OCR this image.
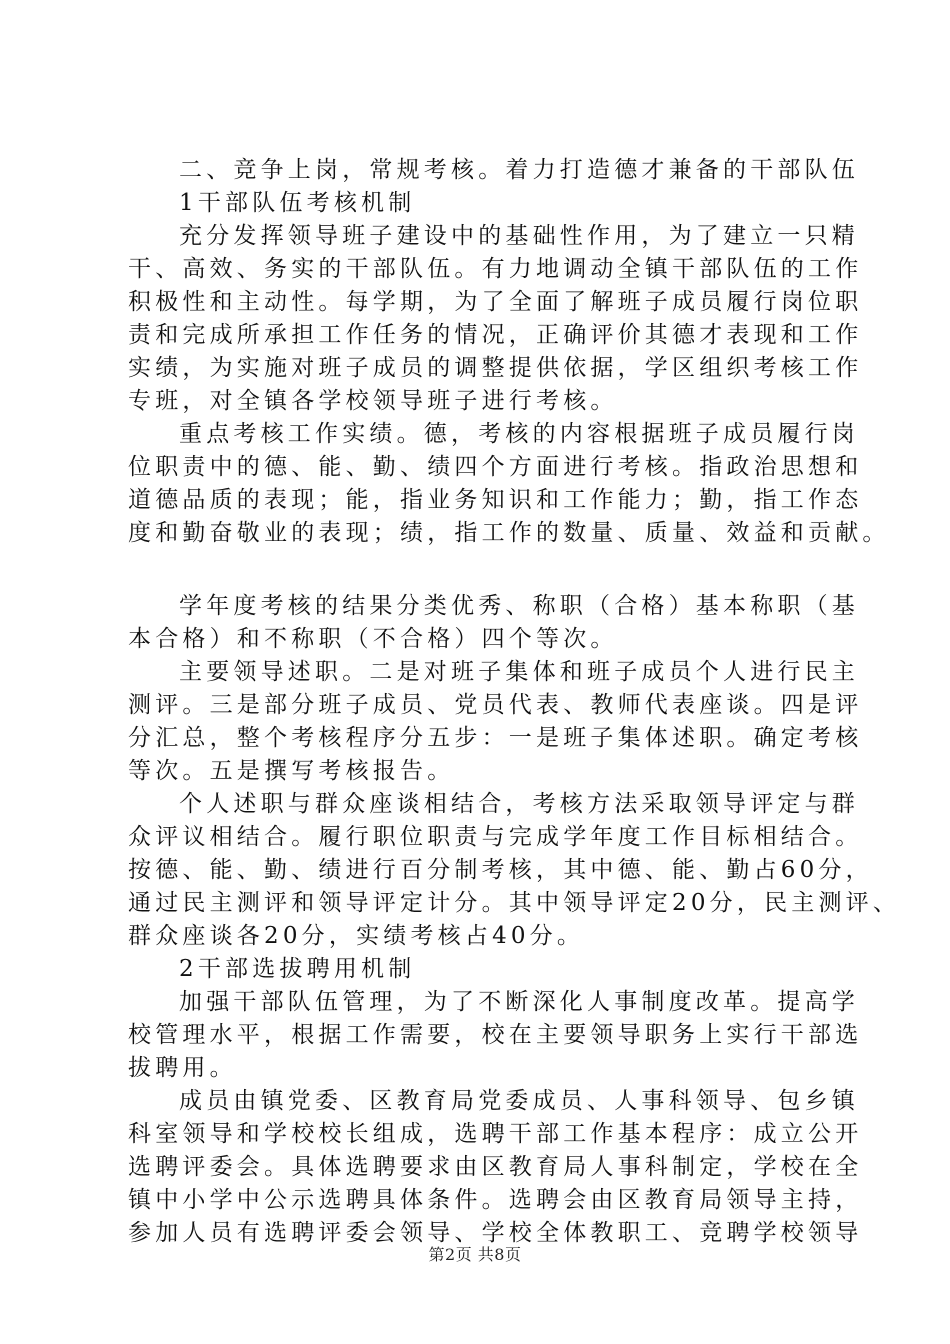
二、竞争上岗，常规考核。着力打造德才兼备的干部队伍
1干部队伍考核机制
充分发挥领导班子建设中的基础性作用，为了建立一只精
干、高效、务实的干部队伍。有力地调动全镇干部队伍的工作
积极性和主动性。每学期，为了全面了解班子成员履行岗位职
责和完成所承担工作任务的情况，正确评价其德才表现和工作
实绩，为实施对班子成员的调整提供依据，学区组织考核工作
专班，对全镇各学校领导班子进行考核。
重点考核工作实绩。德，考核的内容根据班子成员履行岗
位职责中的德、能、勤、绩四个方面进行考核。指政治思想和
道德品质的表现；能，指业务知识和工作能力；勤，指工作态
度和勤奋敬业的表现；绩，指工作的数量、质量、效益和贡献。
学年度考核的结果分类优秀、称职（合格）基本称职（基
本合格）和不称职（不合格）四个等次。
主要领导述职。二是对班子集体和班子成员个人进行民主
测评。三是部分班子成员、党员代表、教师代表座谈。四是评
分汇总，整个考核程序分五步：一是班子集体述职。确定考核
等次。五是撰写考核报告。
个人述职与群众座谈相结合，考核方法采取领导评定与群
众评议相结合。履行职位职责与完成学年度工作目标相结合。
按德、能、勤、绩进行百分制考核，其中德、能、勤占60分，
通过民主测评和领导评定计分。其中领导评定20分，民主测评、
群众座谈各20分，实绩考核占40分。
2干部选拔聘用机制
加强干部队伍管理，为了不断深化人事制度改革。提高学
校管理水平，根据工作需要，校在主要领导职务上实行干部选
拔聘用。
成员由镇党委、区教育局党委成员、人事科领导、包乡镇
科室领导和学校校长组成，选聘干部工作基本程序：成立公开
选聘评委会。具体选聘要求由区教育局人事科制定，学校在全
镇中小学中公示选聘具体条件。选聘会由区教育局领导主持，
参加人员有选聘评委会领导、学校全体教职工、竞聘学校领导
第2页 共8页
